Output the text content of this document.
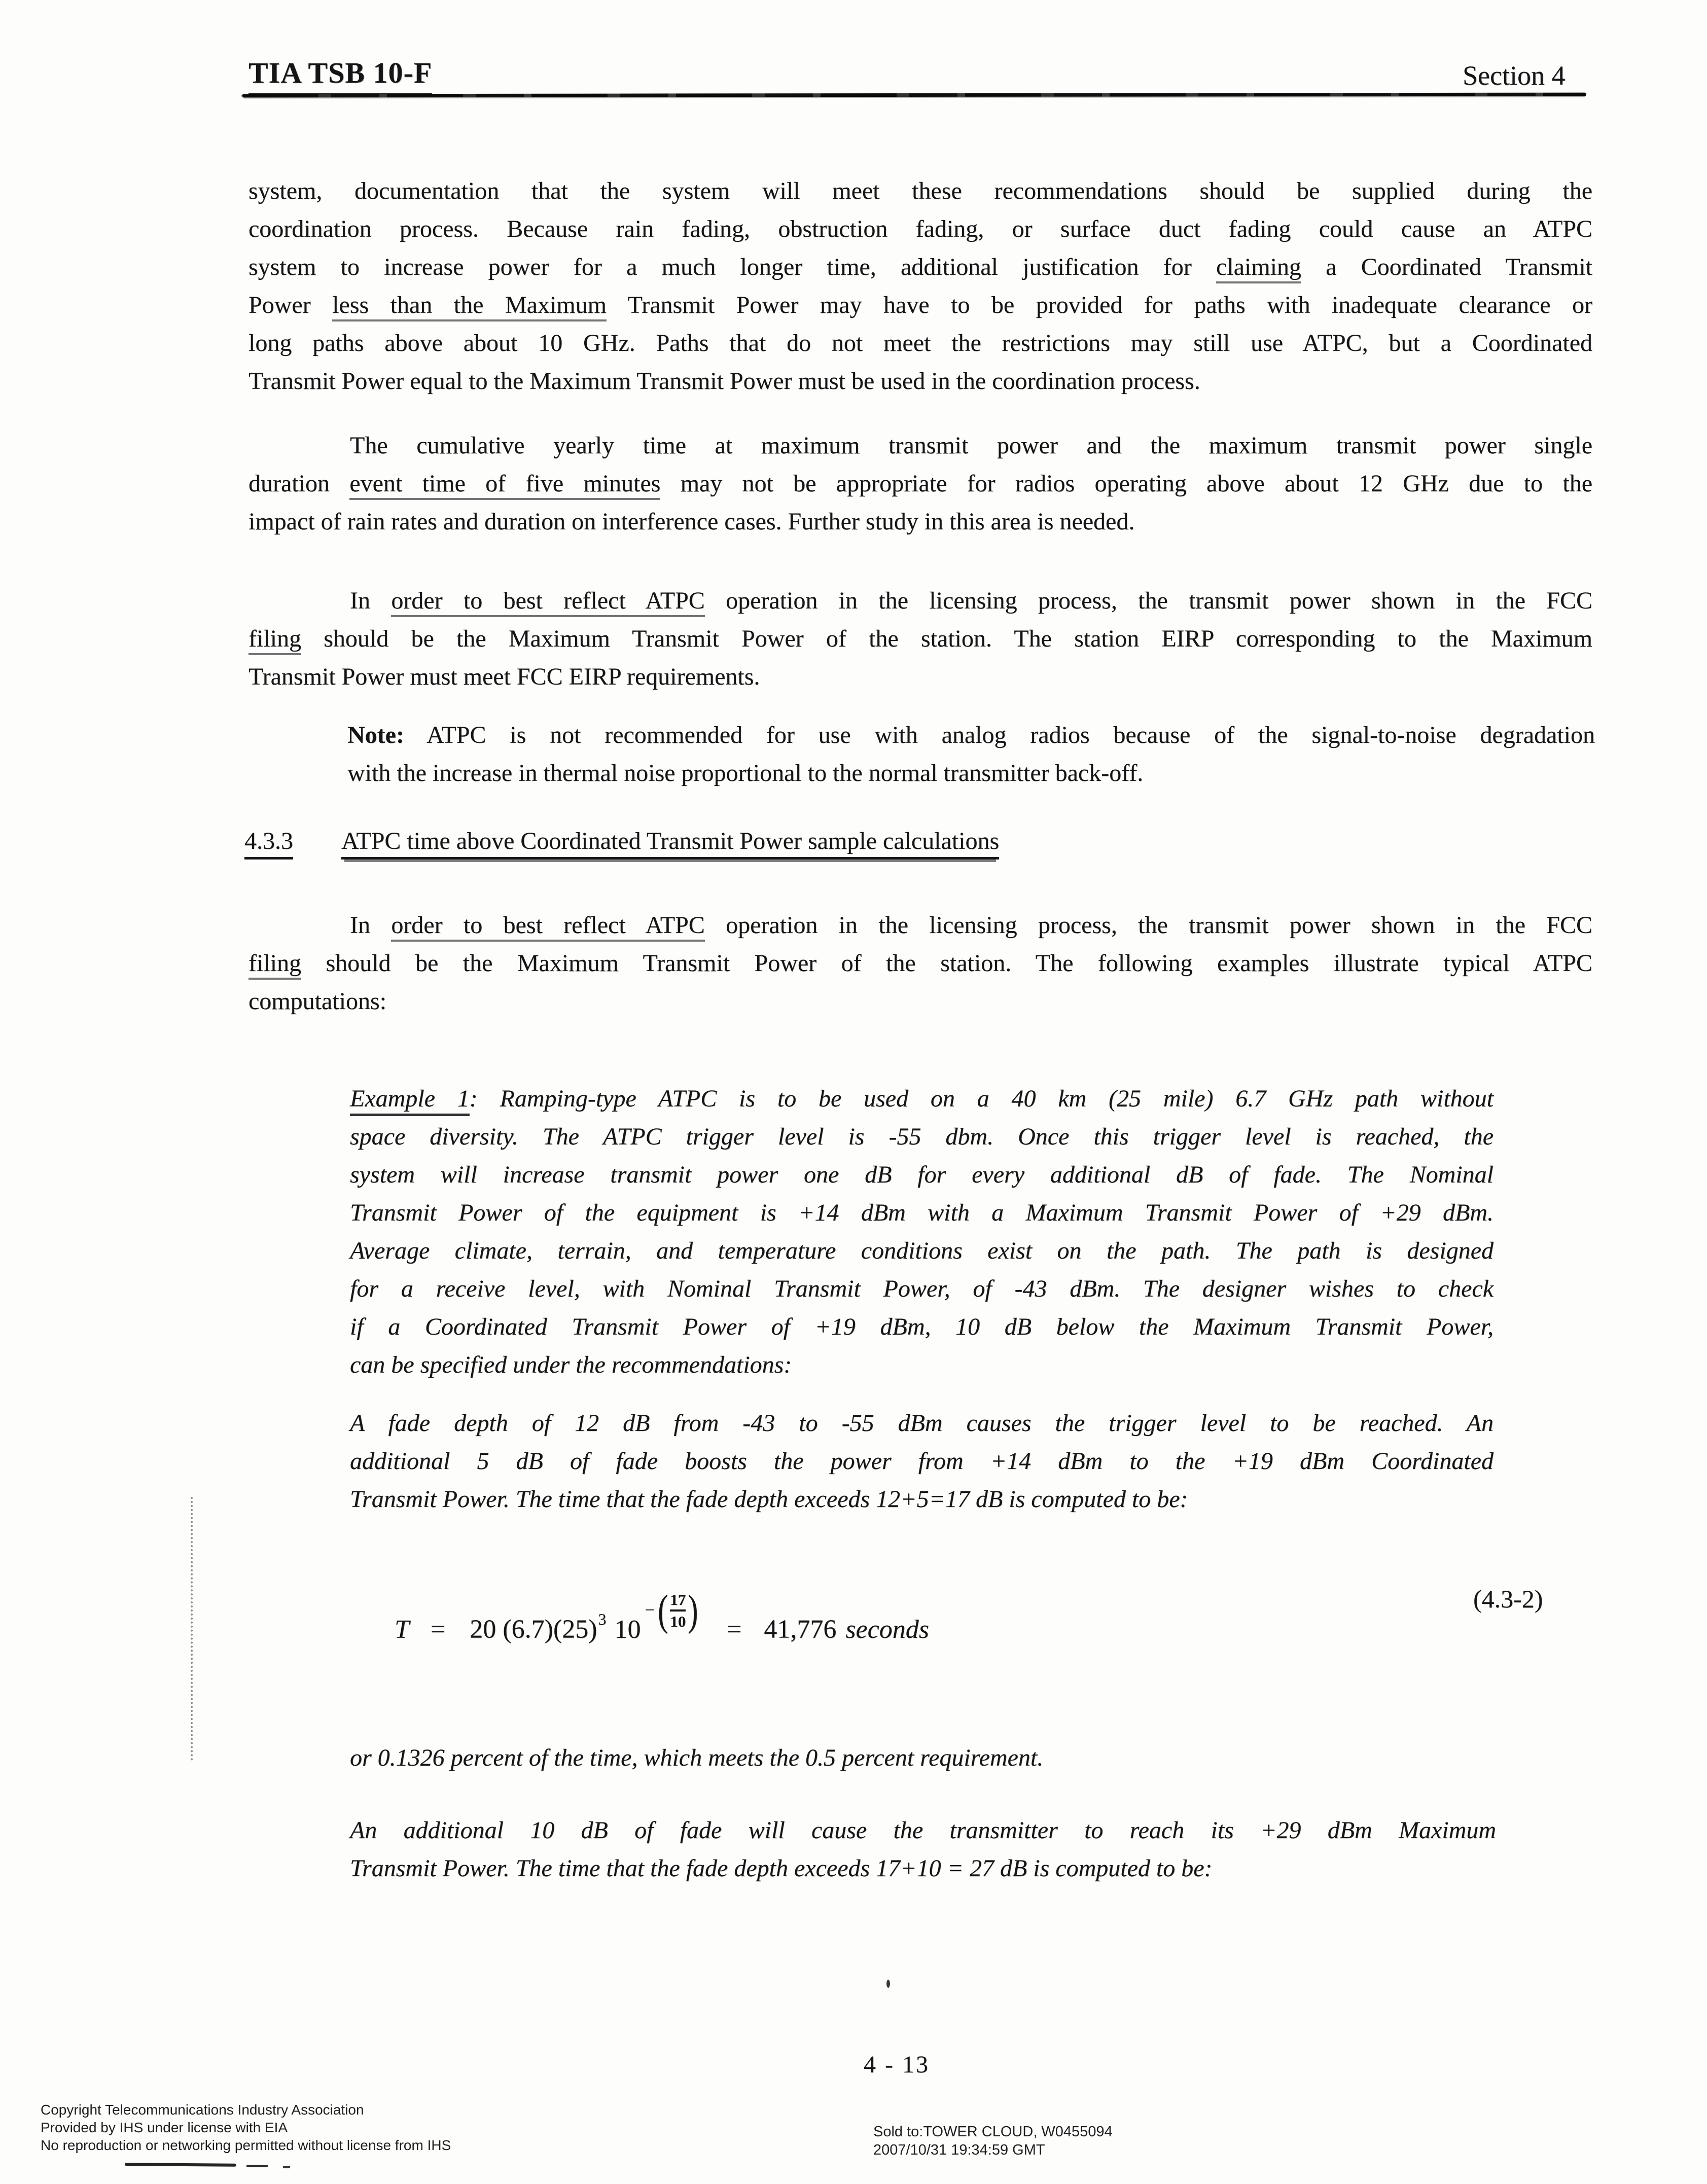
TIA TSB 10-F	Section 4
system, documentation that the system will meet these recommendations should be supplied during the
coordination process. Because rain fading, obstruction fading, or surface duct fading could cause an ATPC
system to increase power for a much longer time, additional justification for claiming a Coordinated Transmit
Power less than the Maximum Transmit Power may have to be provided for paths with inadequate clearance or
long paths above about 10 GHz. Paths that do not meet the restrictions may still use ATPC, but a Coordinated
Transmit Power equal to the Maximum Transmit Power must be used in the coordination process.
The cumulative yearly time at maximum transmit power and the maximum transmit power single
duration event time of five minutes may not be appropriate for radios operating above about 12 GHz due to the
impact of rain rates and duration on interference cases. Further study in this area is needed.
In order to best reflect ATPC operation in the licensing process, the transmit power shown in the FCC
filing should be the Maximum Transmit Power of the station. The station EIRP corresponding to the Maximum
Transmit Power must meet FCC EIRP requirements.
Note: ATPC is not recommended for use with analog radios because of the signal-to-noise degradation
with the increase in thermal noise proportional to the normal transmitter back-off.
4.3.3 ATPC time above Coordinated Transmit Power sample calculations
In order to best reflect ATPC operation in the licensing process, the transmit power shown in the FCC
filing should be the Maximum Transmit Power of the station. The following examples illustrate typical ATPC
computations:
Example 1: Ramping-type ATPC is to be used on a 40 km (25 mile) 6.7 GHz path without
space diversity. The ATPC trigger level is -55 dbm. Once this trigger level is reached, the
system will increase transmit power one dB for every additional dB of fade. The Nominal
Transmit Power of the equipment is +14 dBm with a Maximum Transmit Power of +29 dBm.
Average climate, terrain, and temperature conditions exist on the path. The path is designed
for a receive level, with Nominal Transmit Power, of -43 dBm. The designer wishes to check
if a Coordinated Transmit Power of +19 dBm, 10 dB below the Maximum Transmit Power,
can be specified under the recommendations:
A fade depth of 12 dB from -43 to -55 dBm causes the trigger level to be reached. An
additional 5 dB of fade boosts the power from +14 dBm to the +19 dBm Coordinated
Transmit Power. The time that the fade depth exceeds 12+5=17 dB is computed to be:
T = 20 $(6.7)(25)^3$ 10
− ( $\frac{17}{10}$ ) = 41,776 seconds
(4.3-2)
or 0.1326 percent of the time, which meets the 0.5 percent requirement.
An additional 10 dB of fade will cause the transmitter to reach its +29 dBm Maximum
Transmit Power. The time that the fade depth exceeds 17+10 = 27 dB is computed to be:
4 - 13
Copyright Telecommunications Industry Association
Provided by IHS under license with EIA
No reproduction or networking permitted without license from IHS
Sold to:TOWER CLOUD, W0455094
2007/10/31 19:34:59 GMT
